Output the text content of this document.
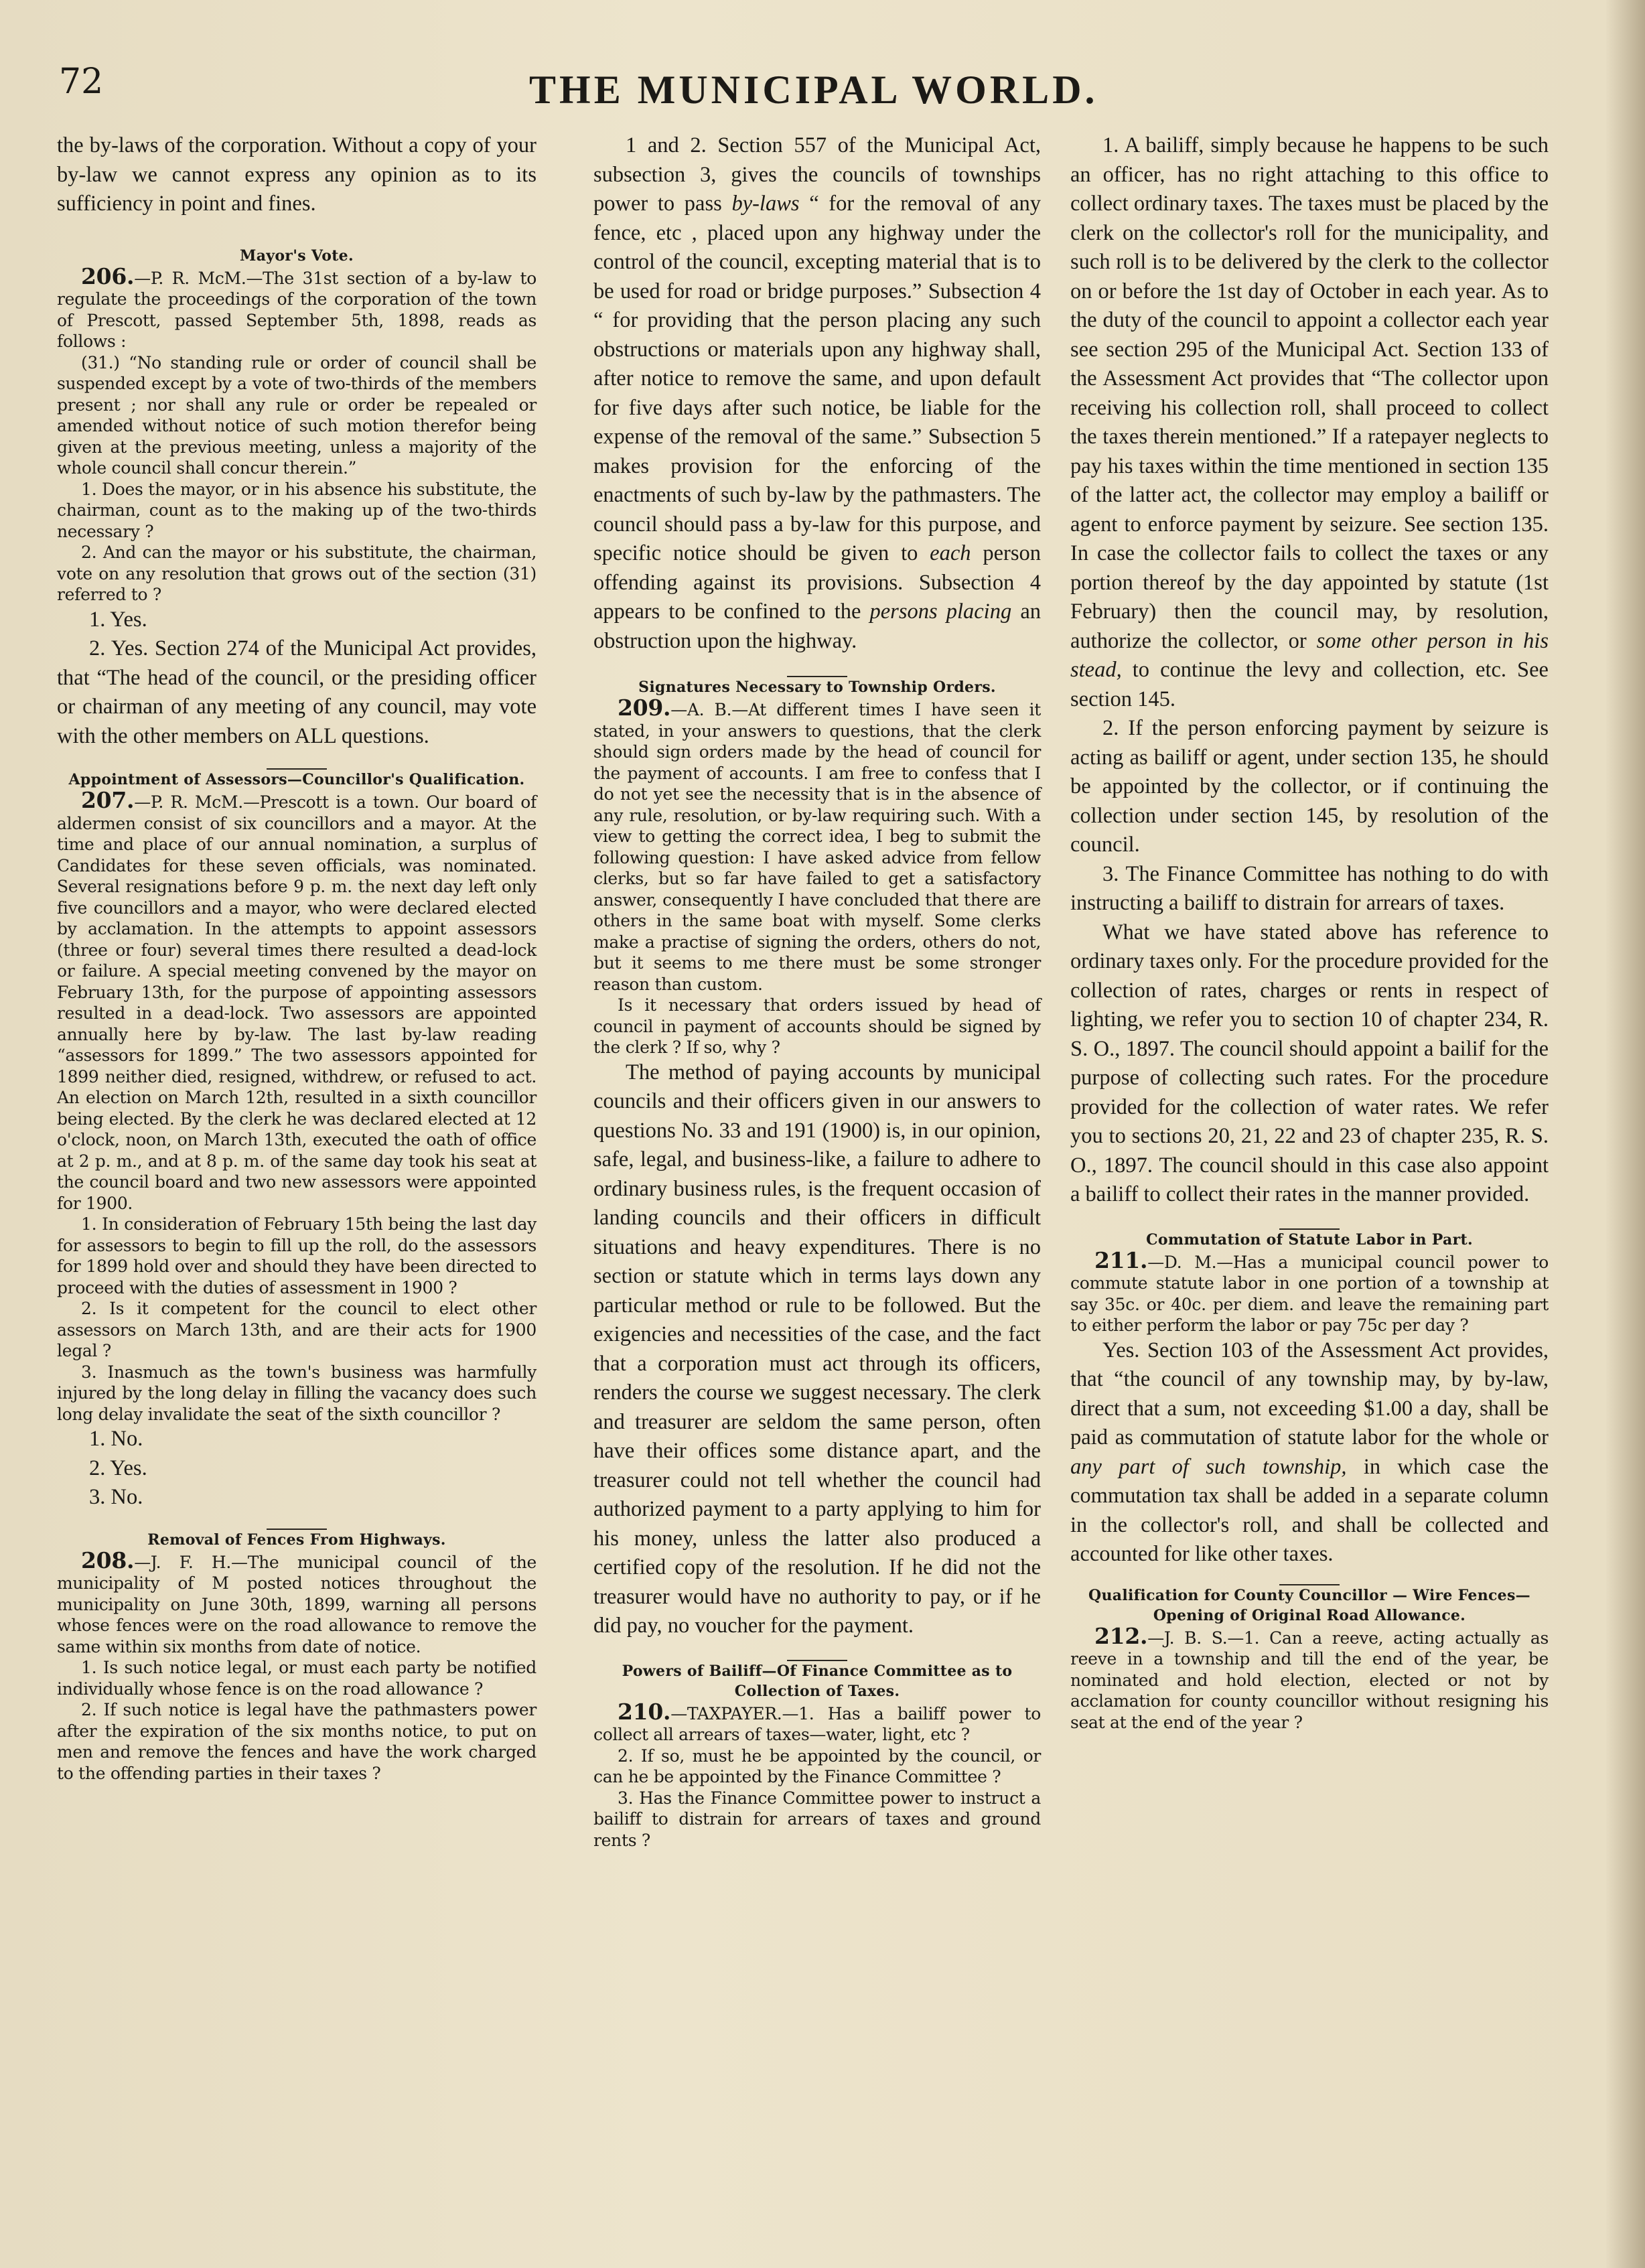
72	THE MUNICIPAL WORLD.

the by-laws of the corporation. Without a copy of your by-law we cannot express any opinion as to its sufficiency in point and fines.

Mayor's Vote.

206.—P. R. McM.—The 31st section of a by-law to regulate the proceedings of the corporation of the town of Prescott, passed September 5th, 1898, reads as follows :

(31.) “No standing rule or order of council shall be suspended except by a vote of two-thirds of the members present ; nor shall any rule or order be repealed or amended without notice of such motion therefor being given at the previous meeting, unless a majority of the whole council shall concur therein.”

1. Does the mayor, or in his absence his substitute, the chairman, count as to the making up of the two-thirds necessary ?

2. And can the mayor or his substitute, the chairman, vote on any resolution that grows out of the section (31) referred to ?

1. Yes.

2. Yes. Section 274 of the Municipal Act provides, that “The head of the council, or the presiding officer or chairman of any meeting of any council, may vote with the other members on ALL questions.

Appointment of Assessors—Councillor's Qualification.

207.—P. R. McM.—Prescott is a town. Our board of aldermen consist of six councillors and a mayor. At the time and place of our annual nomination, a surplus of Candidates for these seven officials, was nominated. Several resignations before 9 p. m. the next day left only five councillors and a mayor, who were declared elected by acclamation. In the attempts to appoint assessors (three or four) several times there resulted a dead-lock or failure. A special meeting convened by the mayor on February 13th, for the purpose of appointing assessors resulted in a dead-lock. Two assessors are appointed annually here by by-law. The last by-law reading “assessors for 1899.” The two assessors appointed for 1899 neither died, resigned, withdrew, or refused to act. An election on March 12th, resulted in a sixth councillor being elected. By the clerk he was declared elected at 12 o'clock, noon, on March 13th, executed the oath of office at 2 p. m., and at 8 p. m. of the same day took his seat at the council board and two new assessors were appointed for 1900.

1. In consideration of February 15th being the last day for assessors to begin to fill up the roll, do the assessors for 1899 hold over and should they have been directed to proceed with the duties of assessment in 1900 ?

2. Is it competent for the council to elect other assessors on March 13th, and are their acts for 1900 legal ?

3. Inasmuch as the town's business was harmfully injured by the long delay in filling the vacancy does such long delay invalidate the seat of the sixth councillor ?

1. No.

2. Yes.

3. No.

Removal of Fences From Highways.

208.—J. F. H.—The municipal council of the municipality of M posted notices throughout the municipality on June 30th, 1899, warning all persons whose fences were on the road allowance to remove the same within six months from date of notice.

1. Is such notice legal, or must each party be notified individually whose fence is on the road allowance ?

2. If such notice is legal have the pathmasters power after the expiration of the six months notice, to put on men and remove the fences and have the work charged to the offending parties in their taxes ?

1 and 2. Section 557 of the Municipal Act, subsection 3, gives the councils of townships power to pass by-laws “ for the removal of any fence, etc , placed upon any highway under the control of the council, excepting material that is to be used for road or bridge purposes.” Subsection 4 “ for providing that the person placing any such obstructions or materials upon any highway shall, after notice to remove the same, and upon default for five days after such notice, be liable for the expense of the removal of the same.” Subsection 5 makes provision for the enforcing of the enactments of such by-law by the pathmasters. The council should pass a by-law for this purpose, and specific notice should be given to each person offending against its provisions. Subsection 4 appears to be confined to the persons placing an obstruction upon the highway.

Signatures Necessary to Township Orders.

209.—A. B.—At different times I have seen it stated, in your answers to questions, that the clerk should sign orders made by the head of council for the payment of accounts. I am free to confess that I do not yet see the necessity that is in the absence of any rule, resolution, or by-law requiring such. With a view to getting the correct idea, I beg to submit the following question: I have asked advice from fellow clerks, but so far have failed to get a satisfactory answer, consequently I have concluded that there are others in the same boat with myself. Some clerks make a practise of signing the orders, others do not, but it seems to me there must be some stronger reason than custom.

Is it necessary that orders issued by head of council in payment of accounts should be signed by the clerk ? If so, why ?

The method of paying accounts by municipal councils and their officers given in our answers to questions No. 33 and 191 (1900) is, in our opinion, safe, legal, and business-like, a failure to adhere to ordinary business rules, is the frequent occasion of landing councils and their officers in difficult situations and heavy expenditures. There is no section or statute which in terms lays down any particular method or rule to be followed. But the exigencies and necessities of the case, and the fact that a corporation must act through its officers, renders the course we suggest necessary. The clerk and treasurer are seldom the same person, often have their offices some distance apart, and the treasurer could not tell whether the council had authorized payment to a party applying to him for his money, unless the latter also produced a certified copy of the resolution. If he did not the treasurer would have no authority to pay, or if he did pay, no voucher for the payment.

Powers of Bailiff—Of Finance Committee as to Collection of Taxes.

210.—TAXPAYER.—1. Has a bailiff power to collect all arrears of taxes—water, light, etc ?

2. If so, must he be appointed by the council, or can he be appointed by the Finance Committee ?

3. Has the Finance Committee power to instruct a bailiff to distrain for arrears of taxes and ground rents ?

1. A bailiff, simply because he happens to be such an officer, has no right attaching to this office to collect ordinary taxes. The taxes must be placed by the clerk on the collector's roll for the municipality, and such roll is to be delivered by the clerk to the collector on or before the 1st day of October in each year. As to the duty of the council to appoint a collector each year see section 295 of the Municipal Act. Section 133 of the Assessment Act provides that “The collector upon receiving his collection roll, shall proceed to collect the taxes therein mentioned.” If a ratepayer neglects to pay his taxes within the time mentioned in section 135 of the latter act, the collector may employ a bailiff or agent to enforce payment by seizure. See section 135. In case the collector fails to collect the taxes or any portion thereof by the day appointed by statute (1st February) then the council may, by resolution, authorize the collector, or some other person in his stead, to continue the levy and collection, etc. See section 145.

2. If the person enforcing payment by seizure is acting as bailiff or agent, under section 135, he should be appointed by the collector, or if continuing the collection under section 145, by resolution of the council.

3. The Finance Committee has nothing to do with instructing a bailiff to distrain for arrears of taxes.

What we have stated above has reference to ordinary taxes only. For the procedure provided for the collection of rates, charges or rents in respect of lighting, we refer you to section 10 of chapter 234, R. S. O., 1897. The council should appoint a bailif for the purpose of collecting such rates. For the procedure provided for the collection of water rates. We refer you to sections 20, 21, 22 and 23 of chapter 235, R. S. O., 1897. The council should in this case also appoint a bailiff to collect their rates in the manner provided.

Commutation of Statute Labor in Part.

211.—D. M.—Has a municipal council power to commute statute labor in one portion of a township at say 35c. or 40c. per diem. and leave the remaining part to either perform the labor or pay 75c per day ?

Yes. Section 103 of the Assessment Act provides, that “the council of any township may, by by-law, direct that a sum, not exceeding $1.00 a day, shall be paid as commutation of statute labor for the whole or any part of such township, in which case the commutation tax shall be added in a separate column in the collector's roll, and shall be collected and accounted for like other taxes.

Qualification for County Councillor — Wire Fences— Opening of Original Road Allowance.

212.—J. B. S.—1. Can a reeve, acting actually as reeve in a township and till the end of the year, be nominated and hold election, elected or not by acclamation for county councillor without resigning his seat at the end of the year ?
